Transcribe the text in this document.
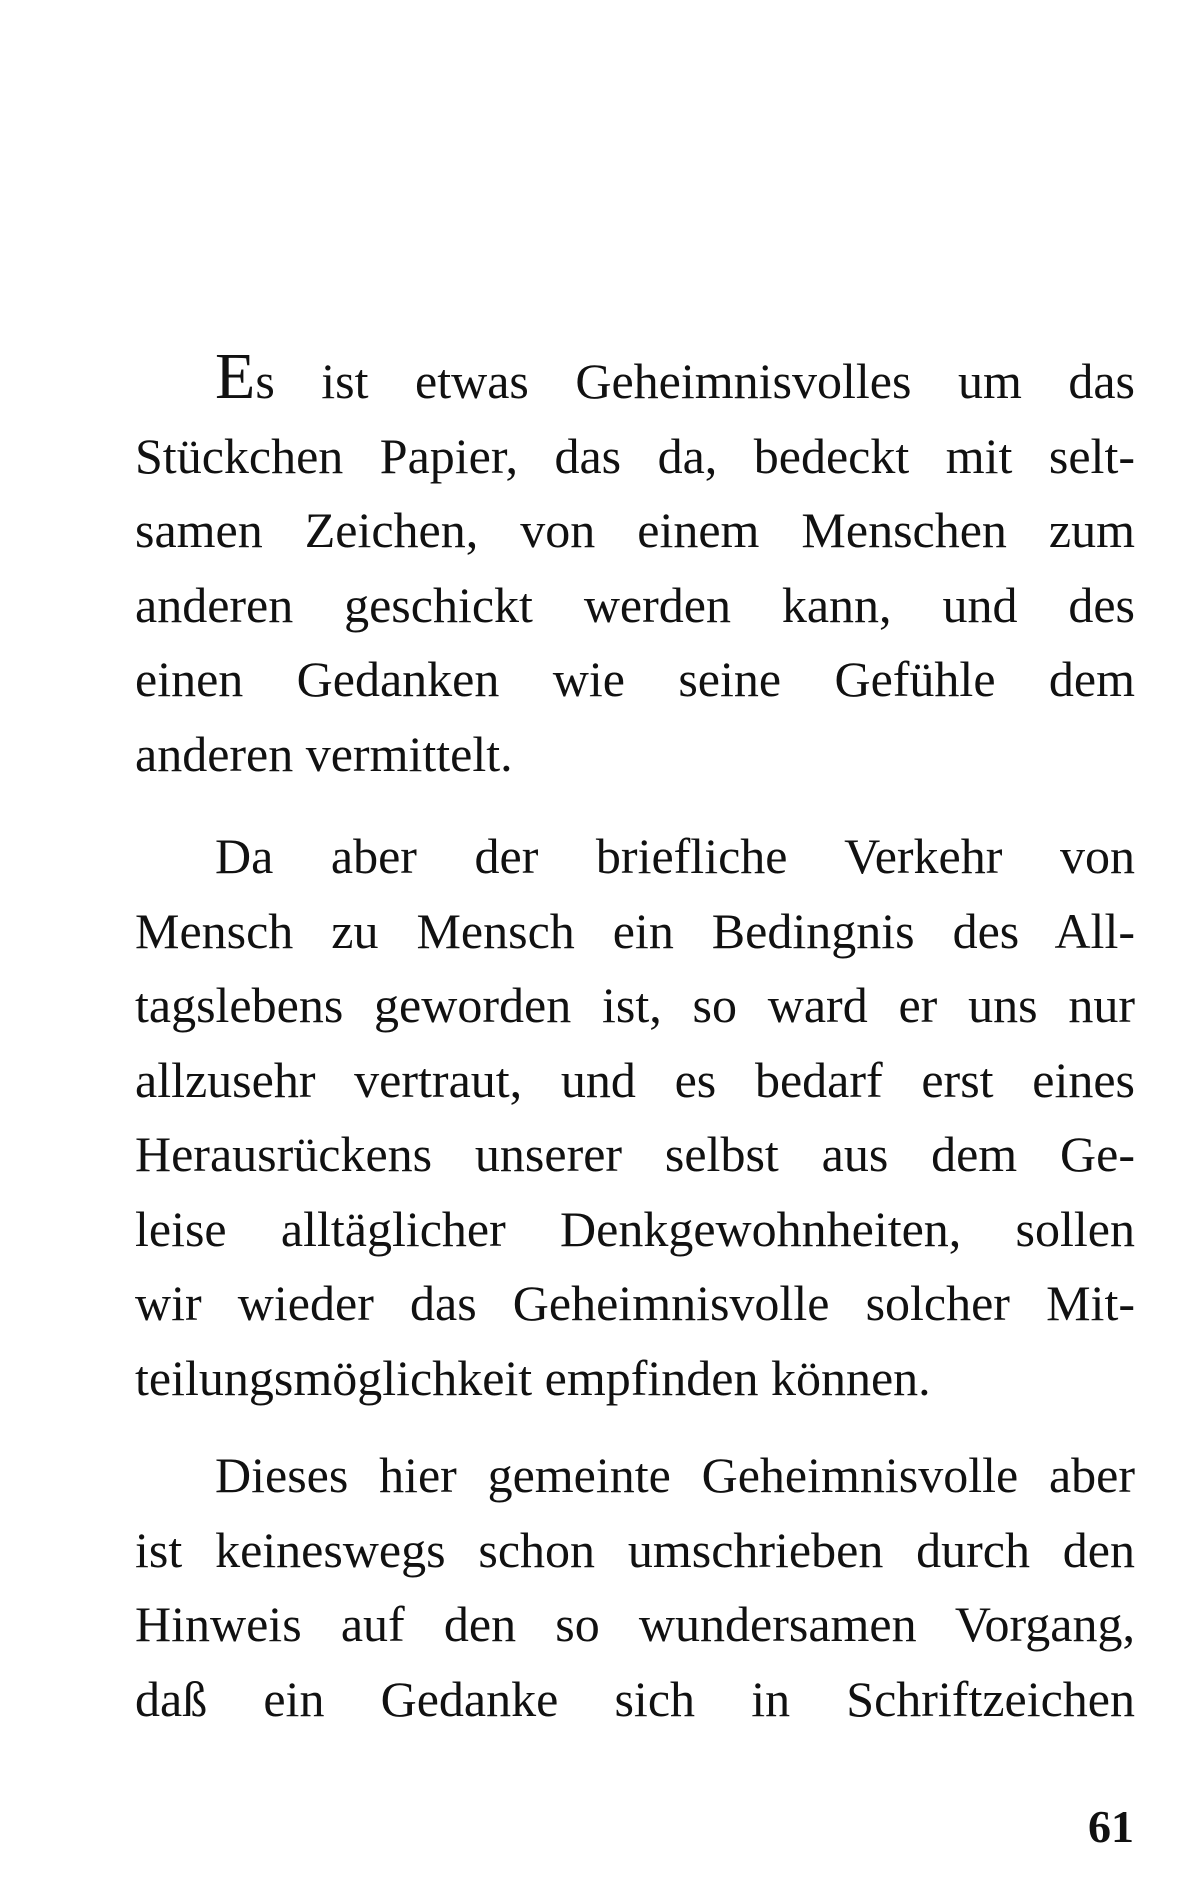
Es ist etwas Geheimnisvolles um das
Stückchen Papier, das da, bedeckt mit selt-
samen Zeichen, von einem Menschen zum
anderen geschickt werden kann, und des
einen Gedanken wie seine Gefühle dem
anderen vermittelt.
Da aber der briefliche Verkehr von
Mensch zu Mensch ein Bedingnis des All-
tagslebens geworden ist, so ward er uns nur
allzusehr vertraut, und es bedarf erst eines
Herausrückens unserer selbst aus dem Ge-
leise alltäglicher Denkgewohnheiten, sollen
wir wieder das Geheimnisvolle solcher Mit-
teilungsmöglichkeit empfinden können.
Dieses hier gemeinte Geheimnisvolle aber
ist keineswegs schon umschrieben durch den
Hinweis auf den so wundersamen Vorgang,
daß ein Gedanke sich in Schriftzeichen
61
